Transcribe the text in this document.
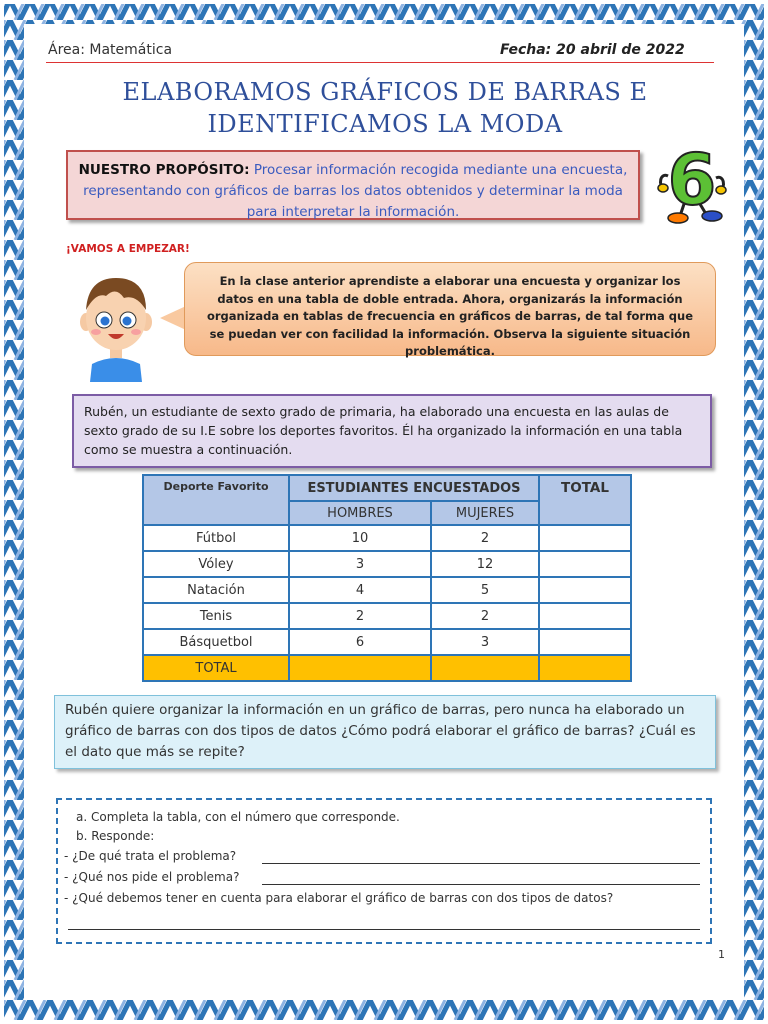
Área: Matemática	Fecha: 20 abril de 2022
ELABORAMOS GRÁFICOS DE BARRAS E
IDENTIFICAMOS LA MODA
NUESTRO PROPÓSITO: Procesar información recogida mediante una encuesta, representando con gráficos de barras los datos obtenidos y determinar la moda para interpretar la información.	6
¡VAMOS A EMPEZAR!
En la clase anterior aprendiste a elaborar una encuesta y organizar los datos en una tabla de doble entrada. Ahora, organizarás la información organizada en tablas de frecuencia en gráficos de barras, de tal forma que se puedan ver con facilidad la información. Observa la siguiente situación problemática.
Rubén, un estudiante de sexto grado de primaria, ha elaborado una encuesta en las aulas de sexto grado de su I.E sobre los deportes favoritos. Él ha organizado la información en una tabla como se muestra a continuación.
Deporte Favorito	ESTUDIANTES ENCUESTADOS		TOTAL
	HOMBRES	MUJERES	
Fútbol	10	2	
Vóley	3	12	
Natación	4	5	
Tenis	2	2	
Básquetbol	6	3	
TOTAL			
Rubén quiere organizar la información en un gráfico de barras, pero nunca ha elaborado un gráfico de barras con dos tipos de datos ¿Cómo podrá elaborar el gráfico de barras? ¿Cuál es el dato que más se repite?
a. Completa la tabla, con el número que corresponde.
b. Responde:
- ¿De qué trata el problema?
- ¿Qué nos pide el problema?
- ¿Qué debemos tener en cuenta para elaborar el gráfico de barras con dos tipos de datos?
1
